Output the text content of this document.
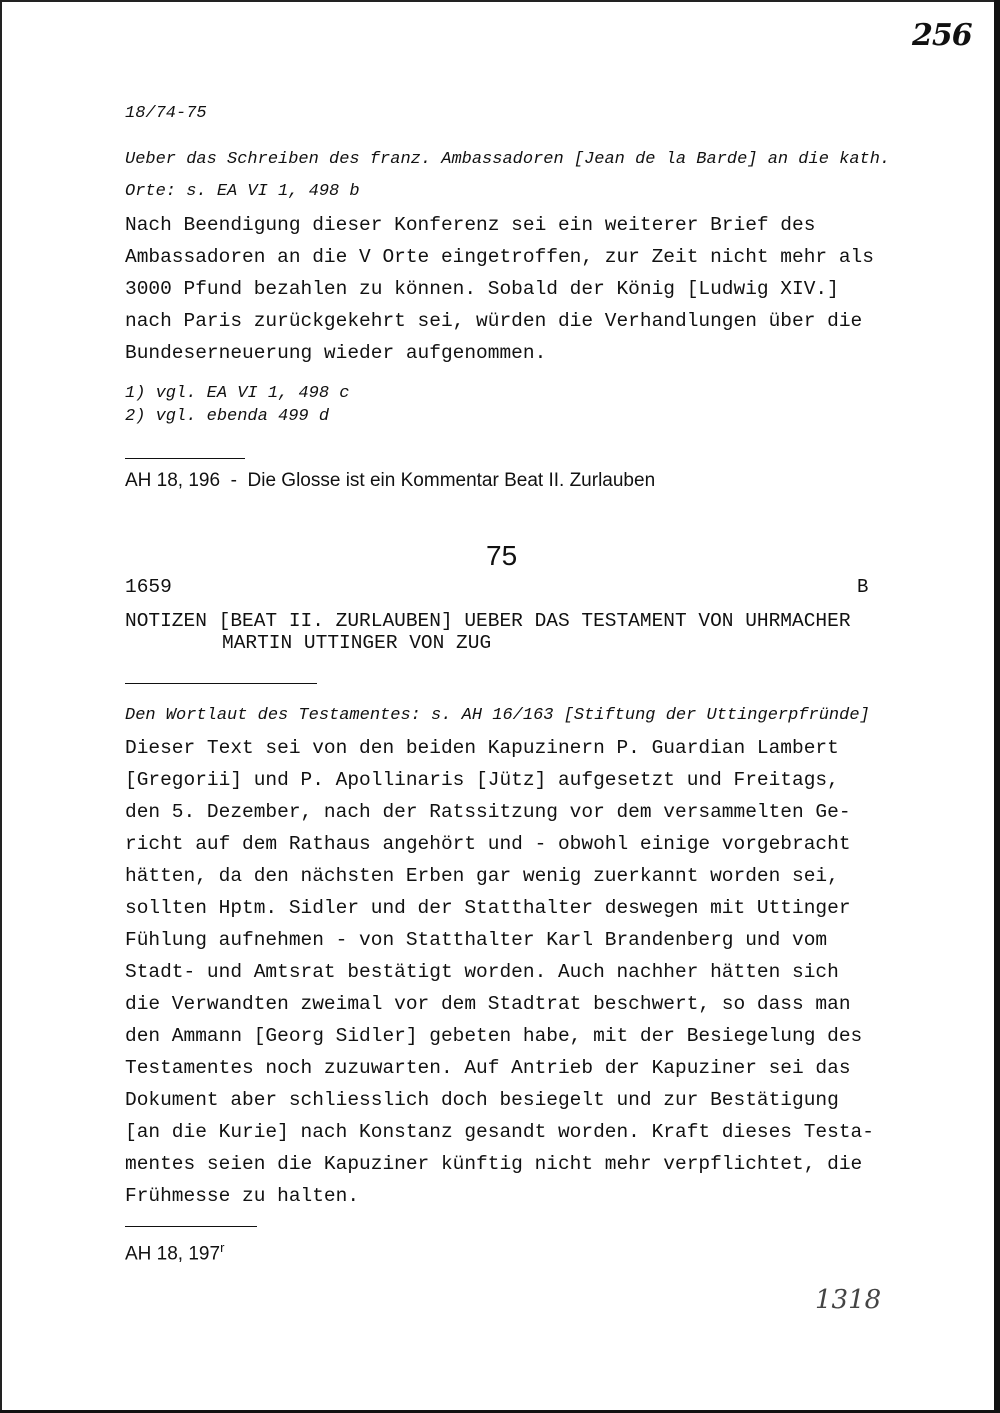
256
18/74-75
Ueber das Schreiben des franz. Ambassadoren [Jean de la Barde] an die kath.
Orte: s. EA VI 1, 498 b
Nach Beendigung dieser Konferenz sei ein weiterer Brief des
Ambassadoren an die V Orte eingetroffen, zur Zeit nicht mehr als
3000 Pfund bezahlen zu können. Sobald der König [Ludwig XIV.]
nach Paris zurückgekehrt sei, würden die Verhandlungen über die
Bundeserneuerung wieder aufgenommen.
1) vgl. EA VI 1, 498 c
2) vgl. ebenda 499 d
AH 18, 196  -  Die Glosse ist ein Kommentar Beat II. Zurlauben
75
1659	B
NOTIZEN [BEAT II. ZURLAUBEN] UEBER DAS TESTAMENT VON UHRMACHER
MARTIN UTTINGER VON ZUG
Den Wortlaut des Testamentes: s. AH 16/163 [Stiftung der Uttingerpfründe]
Dieser Text sei von den beiden Kapuzinern P. Guardian Lambert
[Gregorii] und P. Apollinaris [Jütz] aufgesetzt und Freitags,
den 5. Dezember, nach der Ratssitzung vor dem versammelten Ge-
richt auf dem Rathaus angehört und - obwohl einige vorgebracht
hätten, da den nächsten Erben gar wenig zuerkannt worden sei,
sollten Hptm. Sidler und der Statthalter deswegen mit Uttinger
Fühlung aufnehmen - von Statthalter Karl Brandenberg und vom
Stadt- und Amtsrat bestätigt worden. Auch nachher hätten sich
die Verwandten zweimal vor dem Stadtrat beschwert, so dass man
den Ammann [Georg Sidler] gebeten habe, mit der Besiegelung des
Testamentes noch zuzuwarten. Auf Antrieb der Kapuziner sei das
Dokument aber schliesslich doch besiegelt und zur Bestätigung
[an die Kurie] nach Konstanz gesandt worden. Kraft dieses Testa-
mentes seien die Kapuziner künftig nicht mehr verpflichtet, die
Frühmesse zu halten.
AH 18, 197$^r$
1318
